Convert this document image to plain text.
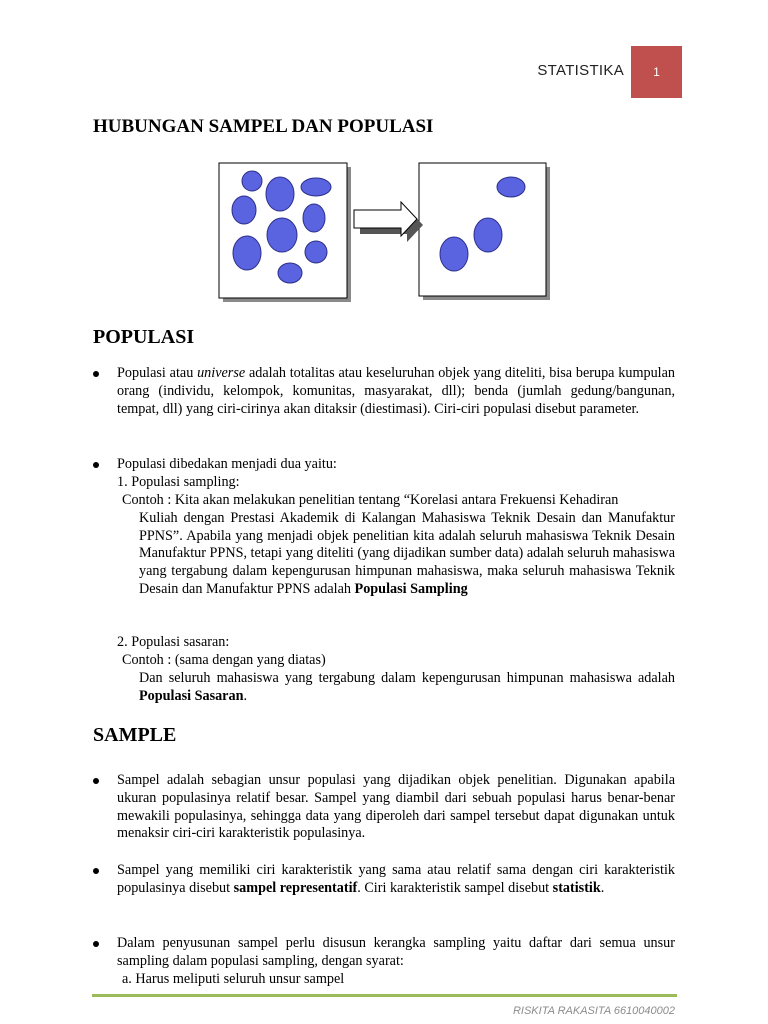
STATISTIKA	1
HUBUNGAN SAMPEL DAN POPULASI
POPULASI

Populasi atau universe adalah totalitas atau keseluruhan objek yang diteliti, bisa berupa kumpulan orang (individu, kelompok, komunitas, masyarakat, dll); benda (jumlah gedung/bangunan, tempat, dll) yang ciri-cirinya akan ditaksir (diestimasi). Ciri-ciri populasi disebut parameter.

Populasi dibedakan menjadi dua yaitu:

1. Populasi sampling:

Contoh : Kita akan melakukan penelitian tentang “Korelasi antara Frekuensi Kehadiran

Kuliah dengan Prestasi Akademik di Kalangan Mahasiswa Teknik Desain dan Manufaktur PPNS”. Apabila yang menjadi objek penelitian kita adalah seluruh mahasiswa Teknik Desain Manufaktur PPNS, tetapi yang diteliti (yang dijadikan sumber data) adalah seluruh mahasiswa yang tergabung dalam kepengurusan himpunan mahasiswa, maka seluruh mahasiswa Teknik Desain dan Manufaktur PPNS adalah Populasi Sampling

2. Populasi sasaran:

Contoh : (sama dengan yang diatas)

Dan seluruh mahasiswa yang tergabung dalam kepengurusan himpunan mahasiswa adalah Populasi Sasaran.

SAMPLE

Sampel adalah sebagian unsur populasi yang dijadikan objek penelitian. Digunakan apabila ukuran populasinya relatif besar. Sampel yang diambil dari sebuah populasi harus benar-benar mewakili populasinya, sehingga data yang diperoleh dari sampel tersebut dapat digunakan untuk menaksir ciri-ciri karakteristik populasinya.

Sampel yang memiliki ciri karakteristik yang sama atau relatif sama dengan ciri karakteristik populasinya disebut sampel representatif. Ciri karakteristik sampel disebut statistik.

Dalam penyusunan sampel perlu disusun kerangka sampling yaitu daftar dari semua unsur sampling dalam populasi sampling, dengan syarat:

a. Harus meliputi seluruh unsur sampel

RISKITA RAKASITA 6610040002
